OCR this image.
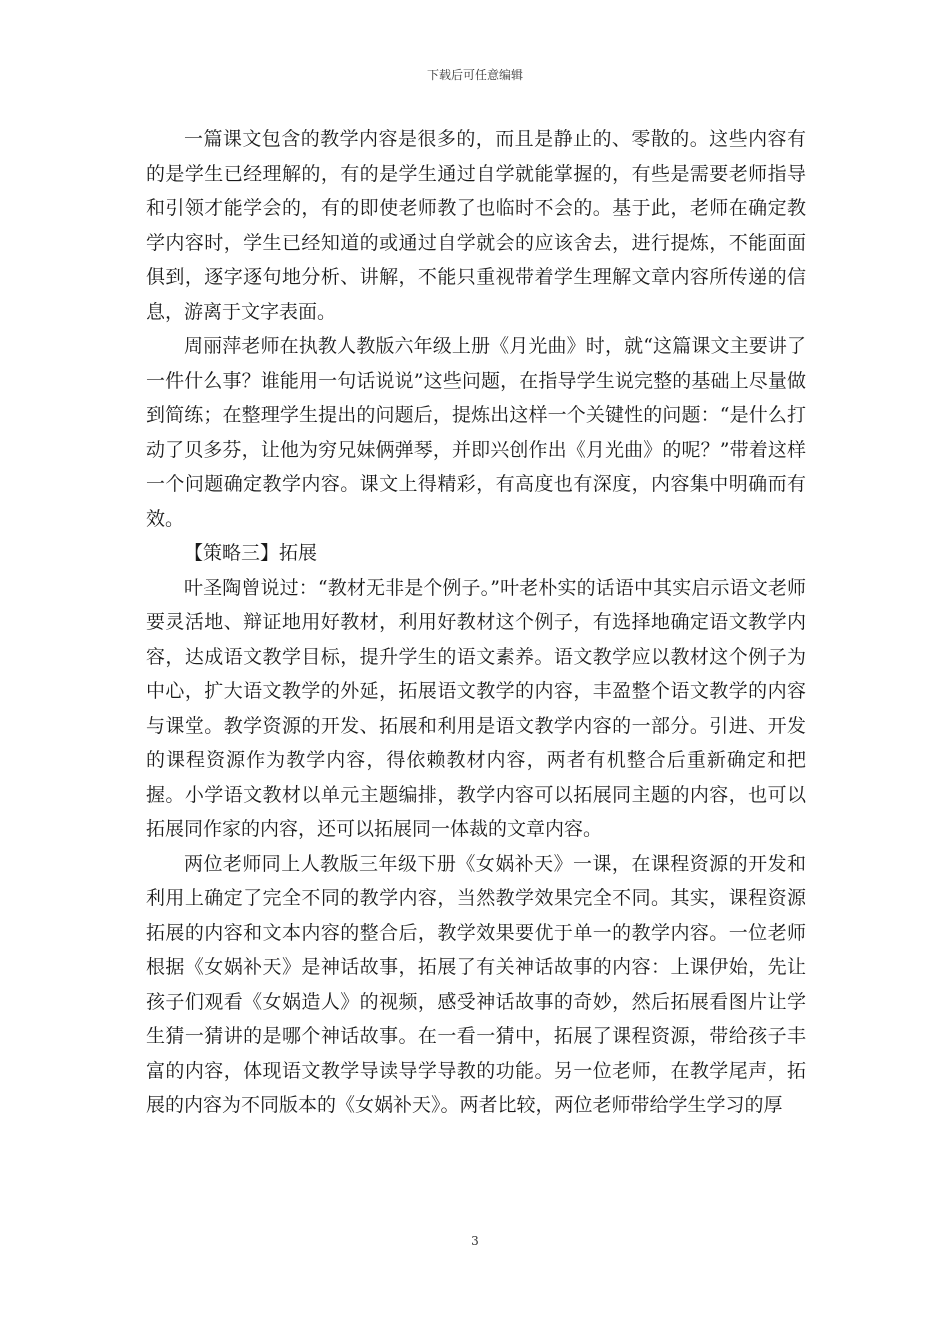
下载后可任意编辑

一篇课文包含的教学内容是很多的，而且是静止的、零散的。这些内容有的是学生已经理解的，有的是学生通过自学就能掌握的，有些是需要老师指导和引领才能学会的，有的即使老师教了也临时不会的。基于此，老师在确定教学内容时，学生已经知道的或通过自学就会的应该舍去，进行提炼，不能面面俱到，逐字逐句地分析、讲解，不能只重视带着学生理解文章内容所传递的信息，游离于文字表面。

周丽萍老师在执教人教版六年级上册《月光曲》时，就“这篇课文主要讲了一件什么事？谁能用一句话说说”这些问题，在指导学生说完整的基础上尽量做到简练；在整理学生提出的问题后，提炼出这样一个关键性的问题：“是什么打动了贝多芬，让他为穷兄妹俩弹琴，并即兴创作出《月光曲》的呢？”带着这样一个问题确定教学内容。课文上得精彩，有高度也有深度，内容集中明确而有效。

【策略三】拓展

叶圣陶曾说过：“教材无非是个例子。”叶老朴实的话语中其实启示语文老师要灵活地、辩证地用好教材，利用好教材这个例子，有选择地确定语文教学内容，达成语文教学目标，提升学生的语文素养。语文教学应以教材这个例子为中心，扩大语文教学的外延，拓展语文教学的内容，丰盈整个语文教学的内容与课堂。教学资源的开发、拓展和利用是语文教学内容的一部分。引进、开发的课程资源作为教学内容，得依赖教材内容，两者有机整合后重新确定和把握。小学语文教材以单元主题编排，教学内容可以拓展同主题的内容，也可以拓展同作家的内容，还可以拓展同一体裁的文章内容。

两位老师同上人教版三年级下册《女娲补天》一课，在课程资源的开发和利用上确定了完全不同的教学内容，当然教学效果完全不同。其实，课程资源拓展的内容和文本内容的整合后，教学效果要优于单一的教学内容。一位老师根据《女娲补天》是神话故事，拓展了有关神话故事的内容：上课伊始，先让孩子们观看《女娲造人》的视频，感受神话故事的奇妙，然后拓展看图片让学生猜一猜讲的是哪个神话故事。在一看一猜中，拓展了课程资源，带给孩子丰富的内容，体现语文教学导读导学导教的功能。另一位老师，在教学尾声，拓展的内容为不同版本的《女娲补天》。两者比较，两位老师带给学生学习的厚

3
